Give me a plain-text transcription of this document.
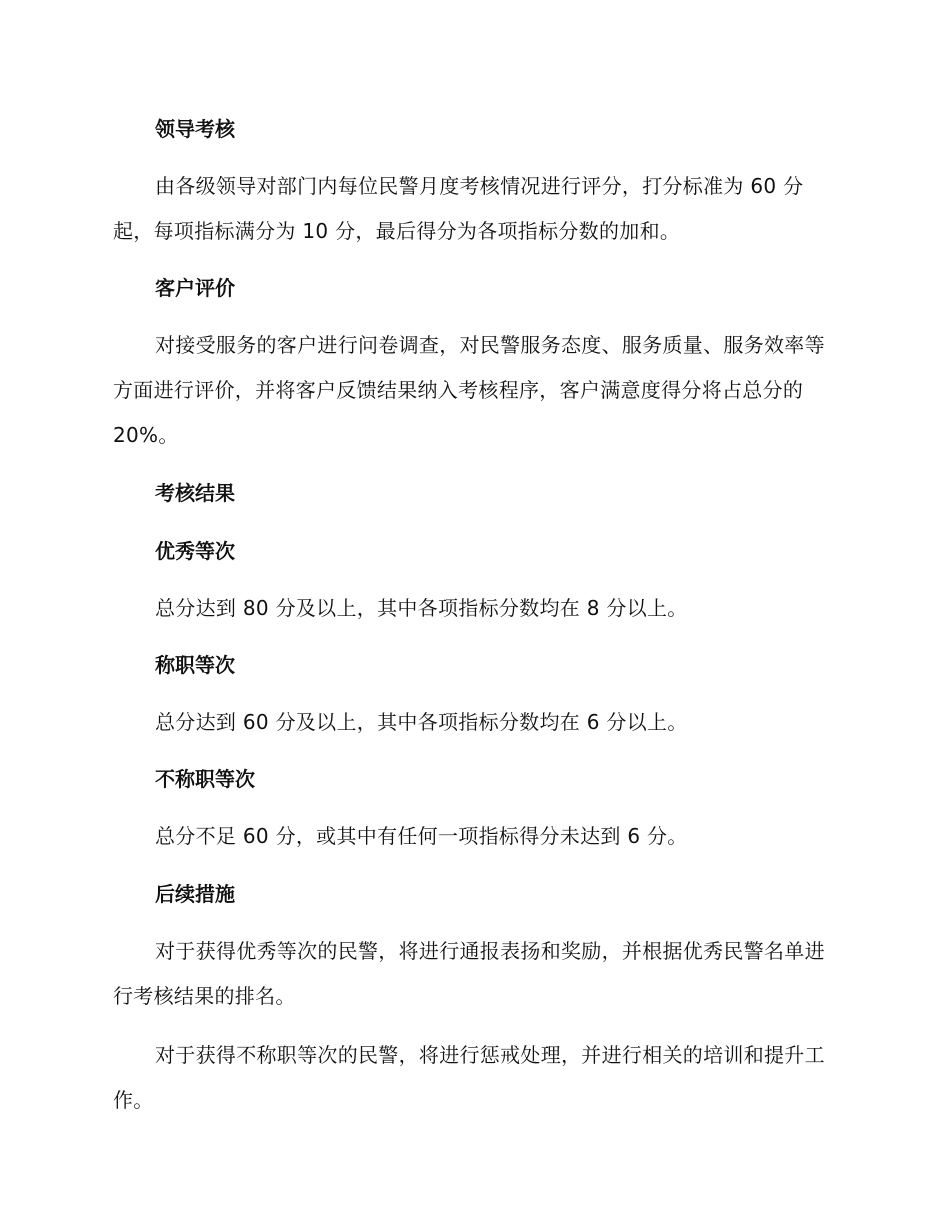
领导考核

由各级领导对部门内每位民警月度考核情况进行评分，打分标准为 60 分起，每项指标满分为 10 分，最后得分为各项指标分数的加和。

客户评价

对接受服务的客户进行问卷调查，对民警服务态度、服务质量、服务效率等方面进行评价，并将客户反馈结果纳入考核程序，客户满意度得分将占总分的 20%。

考核结果
优秀等次

总分达到 80 分及以上，其中各项指标分数均在 8 分以上。

称职等次

总分达到 60 分及以上，其中各项指标分数均在 6 分以上。

不称职等次

总分不足 60 分，或其中有任何一项指标得分未达到 6 分。

后续措施

对于获得优秀等次的民警，将进行通报表扬和奖励，并根据优秀民警名单进行考核结果的排名。

对于获得不称职等次的民警，将进行惩戒处理，并进行相关的培训和提升工作。
